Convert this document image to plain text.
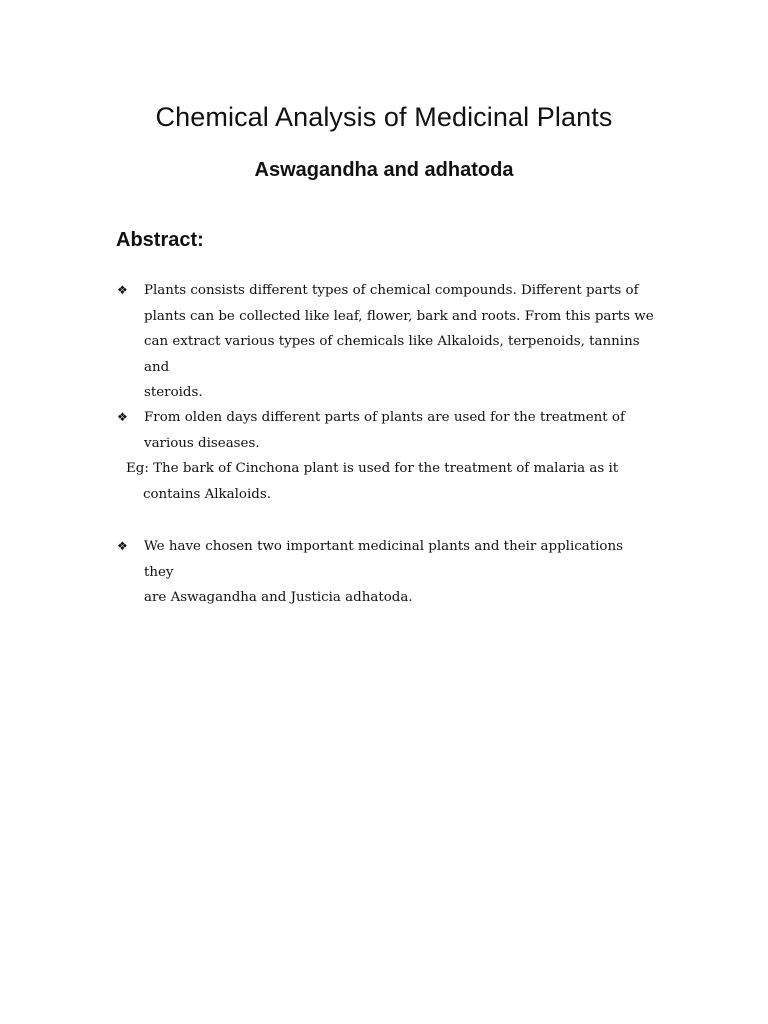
Chemical Analysis of Medicinal Plants
Aswagandha and adhatoda
Abstract:
❖	Plants consists different types of chemical compounds. Different parts of
plants can be collected like leaf, flower, bark and roots. From this parts we
can extract various types of chemicals like Alkaloids, terpenoids, tannins and
steroids.
❖	From olden days different parts of plants are used for the treatment of
various diseases.
Eg: The bark of Cinchona plant is used for the treatment of malaria as it
contains Alkaloids.
❖	We have chosen two important medicinal plants and their applications they
are Aswagandha and Justicia adhatoda.
